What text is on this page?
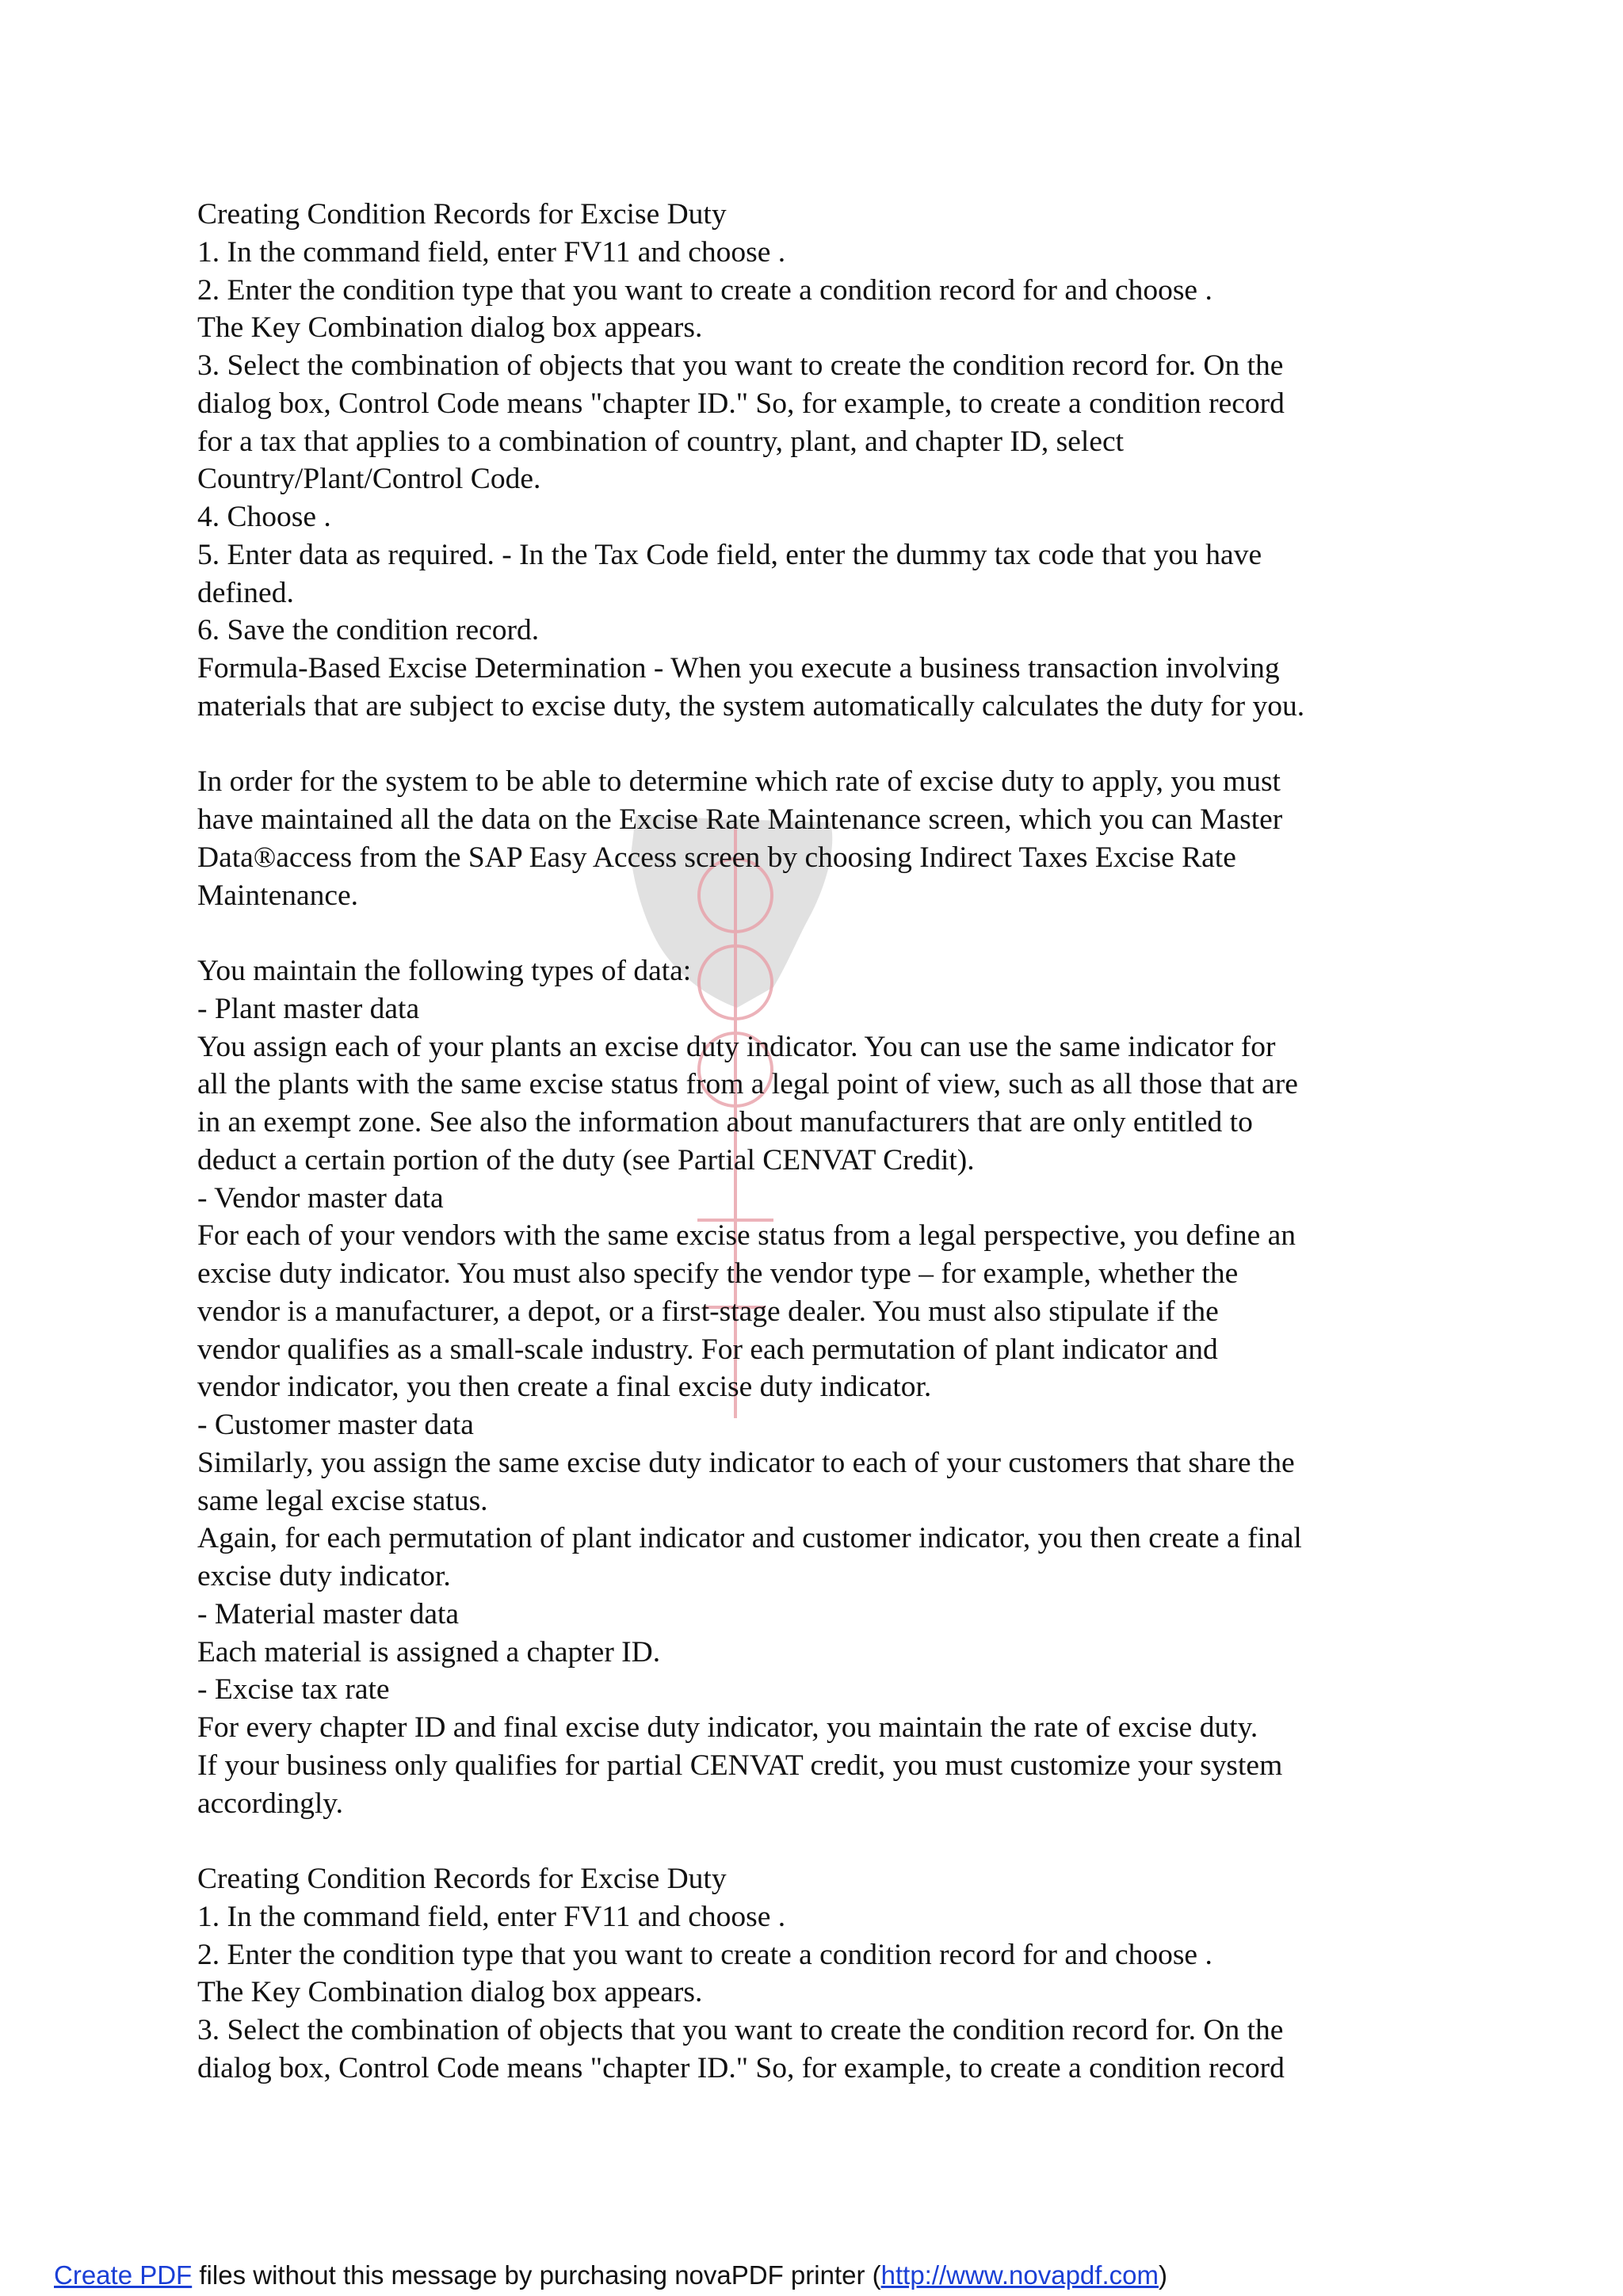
Creating Condition Records for Excise Duty
1. In the command field, enter FV11 and choose .
2. Enter the condition type that you want to create a condition record for and choose .
The Key Combination dialog box appears.
3. Select the combination of objects that you want to create the condition record for. On the
dialog box, Control Code means "chapter ID." So, for example, to create a condition record
for a tax that applies to a combination of country, plant, and chapter ID, select
Country/Plant/Control Code.
4. Choose .
5. Enter data as required. - In the Tax Code field, enter the dummy tax code that you have
defined.
6. Save the condition record.
Formula-Based Excise Determination - When you execute a business transaction involving
materials that are subject to excise duty, the system automatically calculates the duty for you.
In order for the system to be able to determine which rate of excise duty to apply, you must
have maintained all the data on the Excise Rate Maintenance screen, which you can Master
Data®access from the SAP Easy Access screen by choosing Indirect Taxes Excise Rate
Maintenance.
You maintain the following types of data:
- Plant master data
You assign each of your plants an excise duty indicator. You can use the same indicator for
all the plants with the same excise status from a legal point of view, such as all those that are
in an exempt zone. See also the information about manufacturers that are only entitled to
deduct a certain portion of the duty (see Partial CENVAT Credit).
- Vendor master data
For each of your vendors with the same excise status from a legal perspective, you define an
excise duty indicator. You must also specify the vendor type – for example, whether the
vendor is a manufacturer, a depot, or a first-stage dealer. You must also stipulate if the
vendor qualifies as a small-scale industry. For each permutation of plant indicator and
vendor indicator, you then create a final excise duty indicator.
- Customer master data
Similarly, you assign the same excise duty indicator to each of your customers that share the
same legal excise status.
Again, for each permutation of plant indicator and customer indicator, you then create a final
excise duty indicator.
- Material master data
Each material is assigned a chapter ID.
- Excise tax rate
For every chapter ID and final excise duty indicator, you maintain the rate of excise duty.
If your business only qualifies for partial CENVAT credit, you must customize your system
accordingly.
Creating Condition Records for Excise Duty
1. In the command field, enter FV11 and choose .
2. Enter the condition type that you want to create a condition record for and choose .
The Key Combination dialog box appears.
3. Select the combination of objects that you want to create the condition record for. On the
dialog box, Control Code means "chapter ID." So, for example, to create a condition record
Create PDF files without this message by purchasing novaPDF printer (http://www.novapdf.com)
